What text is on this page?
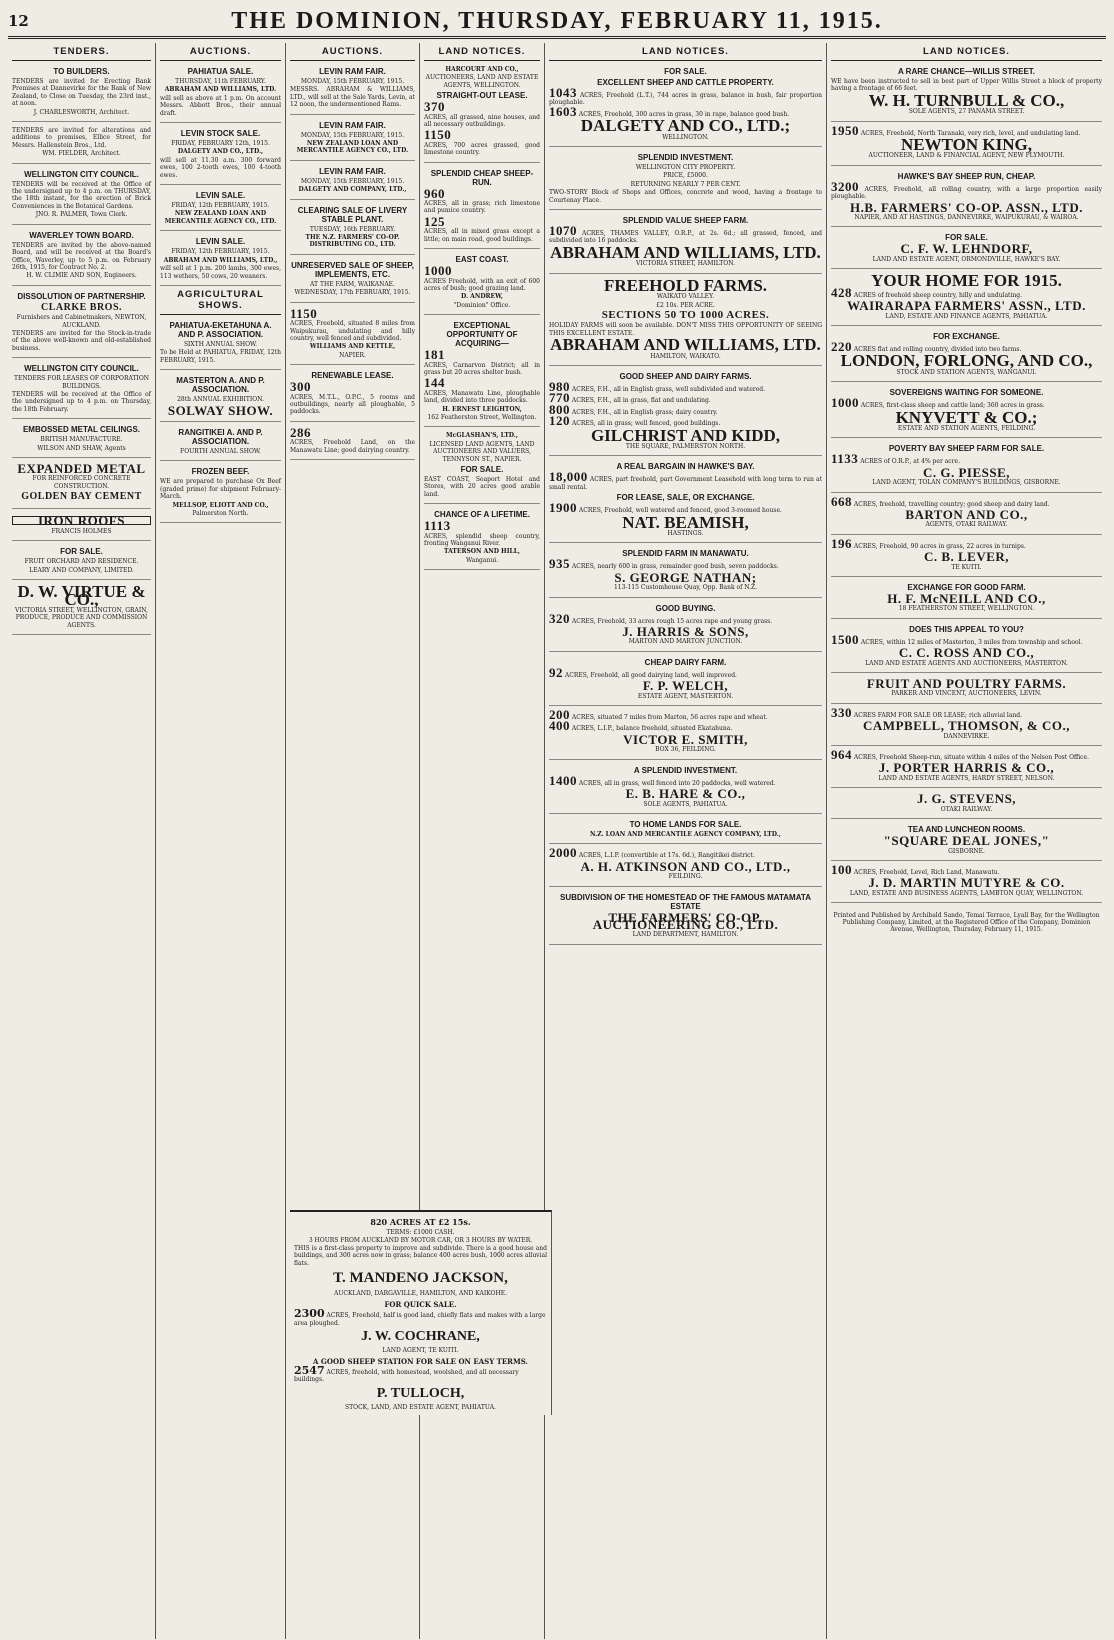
12	THE DOMINION, THURSDAY, FEBRUARY 11, 1915.
TENDERS.
TO BUILDERS.

TENDERS are invited for Erecting Bank Premises at Dannevirke for the Bank of New Zealand, to Close on Tuesday, the 23rd inst., at noon.

J. CHARLESWORTH, Architect.

TENDERS are invited for alterations and additions to premises, Ellice Street, for Messrs. Hallenstein Bros., Ltd.

WM. FIELDER, Architect.

WELLINGTON CITY COUNCIL.

TENDERS will be received at the Office of the undersigned up to 4 p.m. on THURSDAY, the 18th instant, for the erection of Brick Conveniences in the Botanical Gardens.

JNO. R. PALMER, Town Clerk.

WAVERLEY TOWN BOARD.

TENDERS are invited by the above-named Board, and will be received at the Board's Office, Waverley, up to 5 p.m. on February 26th, 1915, for Contract No. 2.

H. W. CLIMIE AND SON, Engineers.

DISSOLUTION OF PARTNERSHIP.

CLARKE BROS.

Furnishers and Cabinetmakers, NEWTON, AUCKLAND.

TENDERS are invited for the Stock-in-trade of the above well-known and old-established business.

WELLINGTON CITY COUNCIL.

TENDERS FOR LEASES OF CORPORATION BUILDINGS.

TENDERS will be received at the Office of the undersigned up to 4 p.m. on Thursday, the 18th February.

EMBOSSED METAL CEILINGS.

BRITISH MANUFACTURE.

WILSON AND SHAW, Agents

EXPANDED METAL

FOR REINFORCED CONCRETE CONSTRUCTION.

GOLDEN BAY CEMENT

IRON ROOFS

FRANCIS HOLMES

FOR SALE.

FRUIT ORCHARD AND RESIDENCE.

LEARY AND COMPANY, LIMITED.

D. W. VIRTUE & CO.,

VICTORIA STREET, WELLINGTON, GRAIN, PRODUCE, PRODUCE AND COMMISSION AGENTS.

AUCTIONS.
PAHIATUA SALE.

THURSDAY, 11th FEBRUARY.

ABRAHAM AND WILLIAMS, LTD.

will sell as above at 1 p.m. On account Messrs. Abbott Bros., their annual draft.

LEVIN STOCK SALE.

FRIDAY, FEBRUARY 12th, 1915.

DALGETY AND CO., LTD.,

will sell at 11.30 a.m. 300 forward ewes, 100 2-tooth ewes, 100 4-tooth ewes.

LEVIN SALE.

FRIDAY, 12th FEBRUARY, 1915.

NEW ZEALAND LOAN AND MERCANTILE AGENCY CO., LTD.

LEVIN SALE.

FRIDAY, 12th FEBRUARY, 1915.

ABRAHAM AND WILLIAMS, LTD.,

will sell at 1 p.m. 200 lambs, 300 ewes, 113 wethers, 50 cows, 20 weaners.

AGRICULTURAL SHOWS.
PAHIATUA-EKETAHUNA A. AND P. ASSOCIATION.

SIXTH ANNUAL SHOW.

To be Held at PAHIATUA, FRIDAY, 12th FEBRUARY, 1915.

MASTERTON A. AND P. ASSOCIATION.

28th ANNUAL EXHIBITION.

SOLWAY SHOW.

RANGITIKEI A. AND P. ASSOCIATION.

FOURTH ANNUAL SHOW.

FROZEN BEEF.

WE are prepared to purchase Ox Beef (graded prime) for shipment February-March.

MELLSOP, ELIOTT AND CO.,

Palmerston North.

AUCTIONS.
LEVIN RAM FAIR.

MONDAY, 15th FEBRUARY, 1915.

MESSRS. ABRAHAM & WILLIAMS, LTD., will sell at the Sale Yards, Levin, at 12 noon, the undermentioned Rams.

LEVIN RAM FAIR.

MONDAY, 15th FEBRUARY, 1915.

NEW ZEALAND LOAN AND MERCANTILE AGENCY CO., LTD.

LEVIN RAM FAIR.

MONDAY, 15th FEBRUARY, 1915.

DALGETY AND COMPANY, LTD.,

CLEARING SALE OF LIVERY STABLE PLANT.

TUESDAY, 16th FEBRUARY.

THE N.Z. FARMERS' CO-OP. DISTRIBUTING CO., LTD.

UNRESERVED SALE OF SHEEP, IMPLEMENTS, ETC.

AT THE FARM, WAIKANAE.

WEDNESDAY, 17th FEBRUARY, 1915.

1150

ACRES, Freehold, situated 8 miles from Waipukurau, undulating and hilly country, well fenced and subdivided.

WILLIAMS AND KETTLE,

NAPIER.

RENEWABLE LEASE.

300

ACRES, M.T.L., O.P.C., 5 rooms and outbuildings, nearly all ploughable, 5 paddocks.

286

ACRES, Freehold Land, on the Manawatu Line; good dairying country.

LAND NOTICES.

HARCOURT AND CO.,

AUCTIONEERS, LAND AND ESTATE AGENTS, WELLINGTON.

STRAIGHT-OUT LEASE.

370

ACRES, all grassed, nine houses, and all necessary outbuildings.

1150

ACRES, 700 acres grassed, good limestone country.

SPLENDID CHEAP SHEEP-RUN.

960

ACRES, all in grass; rich limestone and pumice country.

125

ACRES, all in mixed grass except a little; on main road, good buildings.

EAST COAST.

1000

ACRES Freehold, with an exit of 600 acres of bush; good grazing land.

D. ANDREW,

"Dominion" Office.

EXCEPTIONAL OPPORTUNITY OF ACQUIRING—

181

ACRES, Carnarvon District; all in grass but 20 acres shelter bush.

144

ACRES, Manawatu Line, ploughable land, divided into three paddocks.

H. ERNEST LEIGHTON,

162 Featherston Street, Wellington.

McGLASHAN'S, LTD.,

LICENSED LAND AGENTS, LAND AUCTIONEERS AND VALUERS, TENNYSON ST., NAPIER.

FOR SALE.

EAST COAST, Seaport Hotel and Stores, with 20 acres good arable land.

CHANCE OF A LIFETIME.

1113

ACRES, splendid sheep country, fronting Wanganui River.

TATERSON AND HILL,

Wanganui.

LAND NOTICES.
FOR SALE.
EXCELLENT SHEEP AND CATTLE PROPERTY.

1043 ACRES, Freehold (L.T.), 744 acres in grass, balance in bush, fair proportion ploughable.

1603 ACRES, Freehold, 300 acres in grass, 30 in rape, balance good bush.

DALGETY AND CO., LTD.;

WELLINGTON.

SPLENDID INVESTMENT.

WELLINGTON CITY PROPERTY.

PRICE, £5000.

RETURNING NEARLY 7 PER CENT.

TWO-STORY Block of Shops and Offices, concrete and wood, having a frontage to Courtenay Place.

SPLENDID VALUE SHEEP FARM.

1070 ACRES, THAMES VALLEY, O.R.P., at 2s. 6d.; all grassed, fenced, and subdivided into 16 paddocks.

ABRAHAM AND WILLIAMS, LTD.

VICTORIA STREET, HAMILTON.

FREEHOLD FARMS.

WAIKATO VALLEY.

£2 10s. PER ACRE.

SECTIONS 50 TO 1000 ACRES.

HOLIDAY FARMS will soon be available. DON'T MISS THIS OPPORTUNITY OF SEEING THIS EXCELLENT ESTATE.

ABRAHAM AND WILLIAMS, LTD.

HAMILTON, WAIKATO.

GOOD SHEEP AND DAIRY FARMS.

980 ACRES, F.H., all in English grass, well subdivided and watered.

770 ACRES, F.H., all in grass, flat and undulating.

800 ACRES, F.H., all in English grass; dairy country.

120 ACRES, all in grass; well fenced, good buildings.

GILCHRIST AND KIDD,

THE SQUARE, PALMERSTON NORTH.

A REAL BARGAIN IN HAWKE'S BAY.

18,000 ACRES, part freehold, part Government Leasehold with long term to run at small rental.

FOR LEASE, SALE, OR EXCHANGE.

1900 ACRES, Freehold, well watered and fenced, good 3-roomed house.

NAT. BEAMISH,

HASTINGS.

SPLENDID FARM IN MANAWATU.

935 ACRES, nearly 600 in grass, remainder good bush, seven paddocks.

S. GEORGE NATHAN;

113-115 Customhouse Quay, Opp. Bank of N.Z.

GOOD BUYING.

320 ACRES, Freehold, 33 acres rough 15 acres rape and young grass.

J. HARRIS & SONS,

MARTON AND MARTON JUNCTION.

CHEAP DAIRY FARM.

92 ACRES, Freehold, all good dairying land, well improved.

F. P. WELCH,

ESTATE AGENT, MASTERTON.

200 ACRES, situated 7 miles from Marton, 56 acres rape and wheat.

400 ACRES, L.I.P., balance freehold, situated Ekatahuna.

VICTOR E. SMITH,

BOX 36, FEILDING.

A SPLENDID INVESTMENT.

1400 ACRES, all in grass, well fenced into 20 paddocks, well watered.

E. B. HARE & CO.,

SOLE AGENTS, PAHIATUA.

TO HOME LANDS FOR SALE.

N.Z. LOAN AND MERCANTILE AGENCY COMPANY, LTD.,

2000 ACRES, L.I.P. (convertible at 17s. 6d.), Rangitikei district.

A. H. ATKINSON AND CO., LTD.,

FEILDING.

SUBDIVISION OF THE HOMESTEAD OF THE FAMOUS MATAMATA ESTATE

THE FARMERS' CO-OP. AUCTIONEERING CO., LTD.

LAND DEPARTMENT, HAMILTON.

LAND NOTICES.
A RARE CHANCE—WILLIS STREET.

WE have been instructed to sell in best part of Upper Willis Street a block of property having a frontage of 66 feet.

W. H. TURNBULL & CO.,

SOLE AGENTS, 27 PANAMA STREET.

1950 ACRES, Freehold, North Taranaki, very rich, level, and undulating land.

NEWTON KING,

AUCTIONEER, LAND & FINANCIAL AGENT, NEW PLYMOUTH.

HAWKE'S BAY SHEEP RUN, CHEAP.

3200 ACRES, Freehold, all rolling country, with a large proportion easily ploughable.

H.B. FARMERS' CO-OP. ASSN., LTD.

NAPIER, AND AT HASTINGS, DANNEVIRKE, WAIPUKURAU, & WAIROA.

FOR SALE.

C. F. W. LEHNDORF,

LAND AND ESTATE AGENT, ORMONDVILLE, HAWKE'S BAY.

YOUR HOME FOR 1915.

428 ACRES of freehold sheep country, hilly and undulating.

WAIRARAPA FARMERS' ASSN., LTD.

LAND, ESTATE AND FINANCE AGENTS, PAHIATUA.

FOR EXCHANGE.

220 ACRES flat and rolling country, divided into two farms.

LONDON, FORLONG, AND CO.,

STOCK AND STATION AGENTS, WANGANUI.

SOVEREIGNS WAITING FOR SOMEONE.

1000 ACRES, first-class sheep and cattle land; 360 acres in grass.

KNYVETT & CO.;

ESTATE AND STATION AGENTS, FEILDING.

POVERTY BAY SHEEP FARM FOR SALE.

1133 ACRES of O.R.P., at 4% per acre.

C. G. PIESSE,

LAND AGENT, TOLAN COMPANY'S BUILDINGS, GISBORNE.

668 ACRES, freehold, travelling country; good sheep and dairy land.

BARTON AND CO.,

AGENTS, OTAKI RAILWAY.

196 ACRES, Freehold, 90 acres in grass, 22 acres in turnips.

C. B. LEVER,

TE KUITI.

EXCHANGE FOR GOOD FARM.

H. F. McNEILL AND CO.,

18 FEATHERSTON STREET, WELLINGTON.

DOES THIS APPEAL TO YOU?

1500 ACRES, within 12 miles of Masterton, 3 miles from township and school.

C. C. ROSS AND CO.,

LAND AND ESTATE AGENTS AND AUCTIONEERS, MASTERTON.

FRUIT AND POULTRY FARMS.

PARKER AND VINCENT, AUCTIONEERS, LEVIN.

330 ACRES FARM FOR SALE OR LEASE; rich alluvial land.

CAMPBELL, THOMSON, & CO.,

DANNEVIRKE.

964 ACRES, Freehold Sheep-run, situate within 4 miles of the Nelson Post Office.

J. PORTER HARRIS & CO.,

LAND AND ESTATE AGENTS, HARDY STREET, NELSON.

J. G. STEVENS,

OTAKI RAILWAY.

TEA AND LUNCHEON ROOMS.

"SQUARE DEAL JONES,"

GISBORNE.

100 ACRES, Freehold, Level, Rich Land, Manawatu.

J. D. MARTIN MUTYRE & CO.

LAND, ESTATE AND BUSINESS AGENTS, LAMBTON QUAY, WELLINGTON.

Printed and Published by Archibald Sando, Temai Terrace, Lyall Bay, for the Wellington Publishing Company, Limited, at the Registered Office of the Company, Dominion Avenue, Wellington, Thursday, February 11, 1915.

820 ACRES AT £2 15s.

TERMS: £1000 CASH.

3 HOURS FROM AUCKLAND BY MOTOR CAR, OR 3 HOURS BY WATER.

THIS is a first-class property to improve and subdivide. There is a good house and buildings, and 300 acres now in grass; balance 400 acres bush, 1000 acres alluvial flats.

T. MANDENO JACKSON,

AUCKLAND, DARGAVILLE, HAMILTON, AND KAIKOHE.

FOR QUICK SALE.

2300 ACRES, Freehold, half is good land, chiefly flats and makes with a large area ploughed.

J. W. COCHRANE,

LAND AGENT, TE KUITI.

A GOOD SHEEP STATION FOR SALE ON EASY TERMS.

2547 ACRES, freehold, with homestead, woolshed, and all necessary buildings.

P. TULLOCH,

STOCK, LAND, AND ESTATE AGENT, PAHIATUA.
